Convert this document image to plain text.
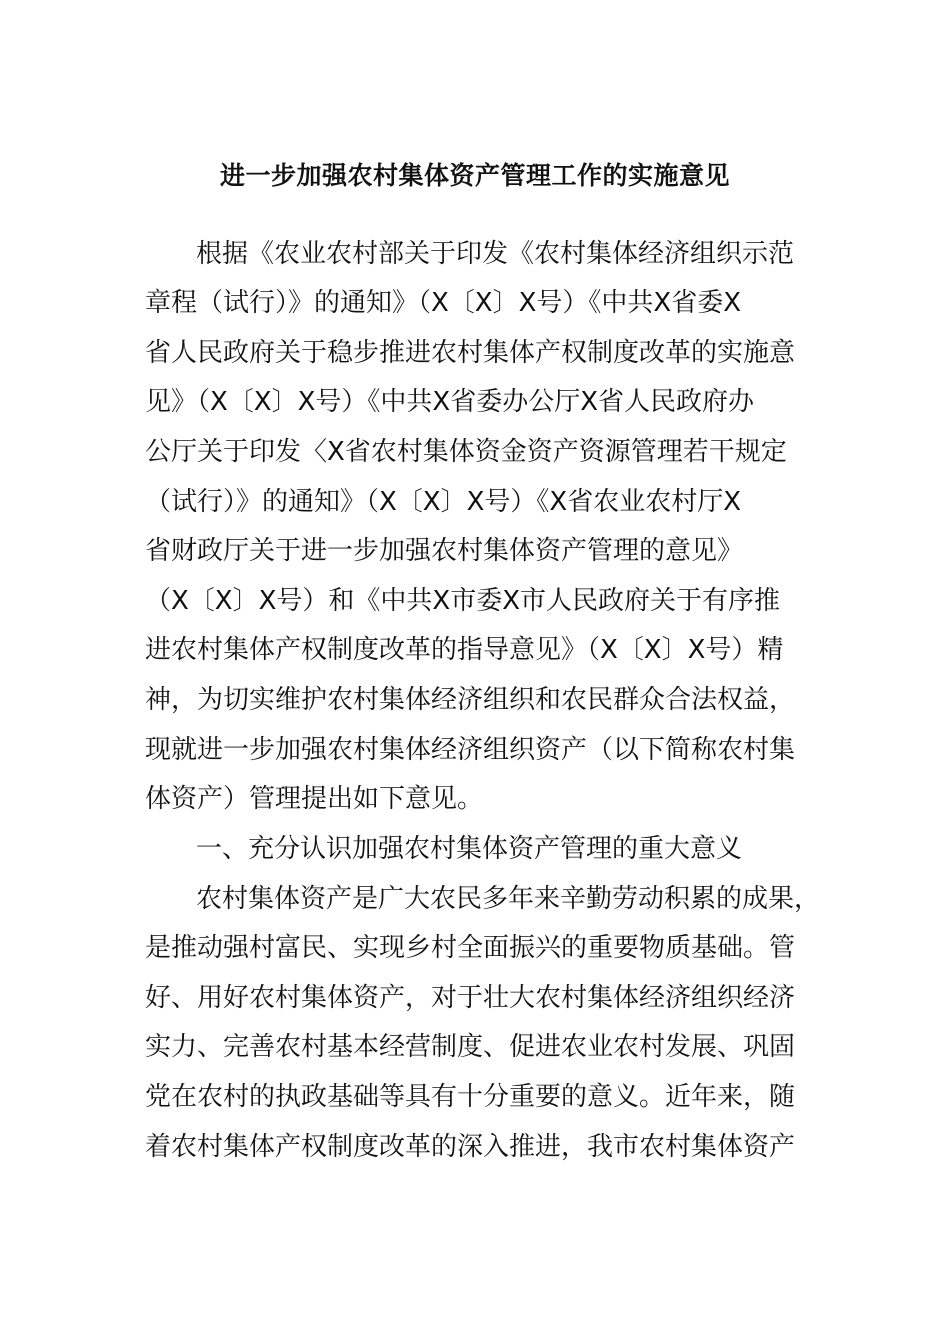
进一步加强农村集体资产管理工作的实施意见
根据《农业农村部关于印发《农村集体经济组织示范
章程（试行）》的通知》（X〔X〕X号）《中共X省委X
省人民政府关于稳步推进农村集体产权制度改革的实施意
见》（X〔X〕X号）《中共X省委办公厅X省人民政府办
公厅关于印发〈X省农村集体资金资产资源管理若干规定
（试行）》的通知》（X〔X〕X号）《X省农业农村厅X
省财政厅关于进一步加强农村集体资产管理的意见》
（X〔X〕X号）和《中共X市委X市人民政府关于有序推
进农村集体产权制度改革的指导意见》（X〔X〕X号）精
神，为切实维护农村集体经济组织和农民群众合法权益，
现就进一步加强农村集体经济组织资产（以下简称农村集
体资产）管理提出如下意见。
一、充分认识加强农村集体资产管理的重大意义
农村集体资产是广大农民多年来辛勤劳动积累的成果，
是推动强村富民、实现乡村全面振兴的重要物质基础。管
好、用好农村集体资产，对于壮大农村集体经济组织经济
实力、完善农村基本经营制度、促进农业农村发展、巩固
党在农村的执政基础等具有十分重要的意义。近年来，随
着农村集体产权制度改革的深入推进，我市农村集体资产
